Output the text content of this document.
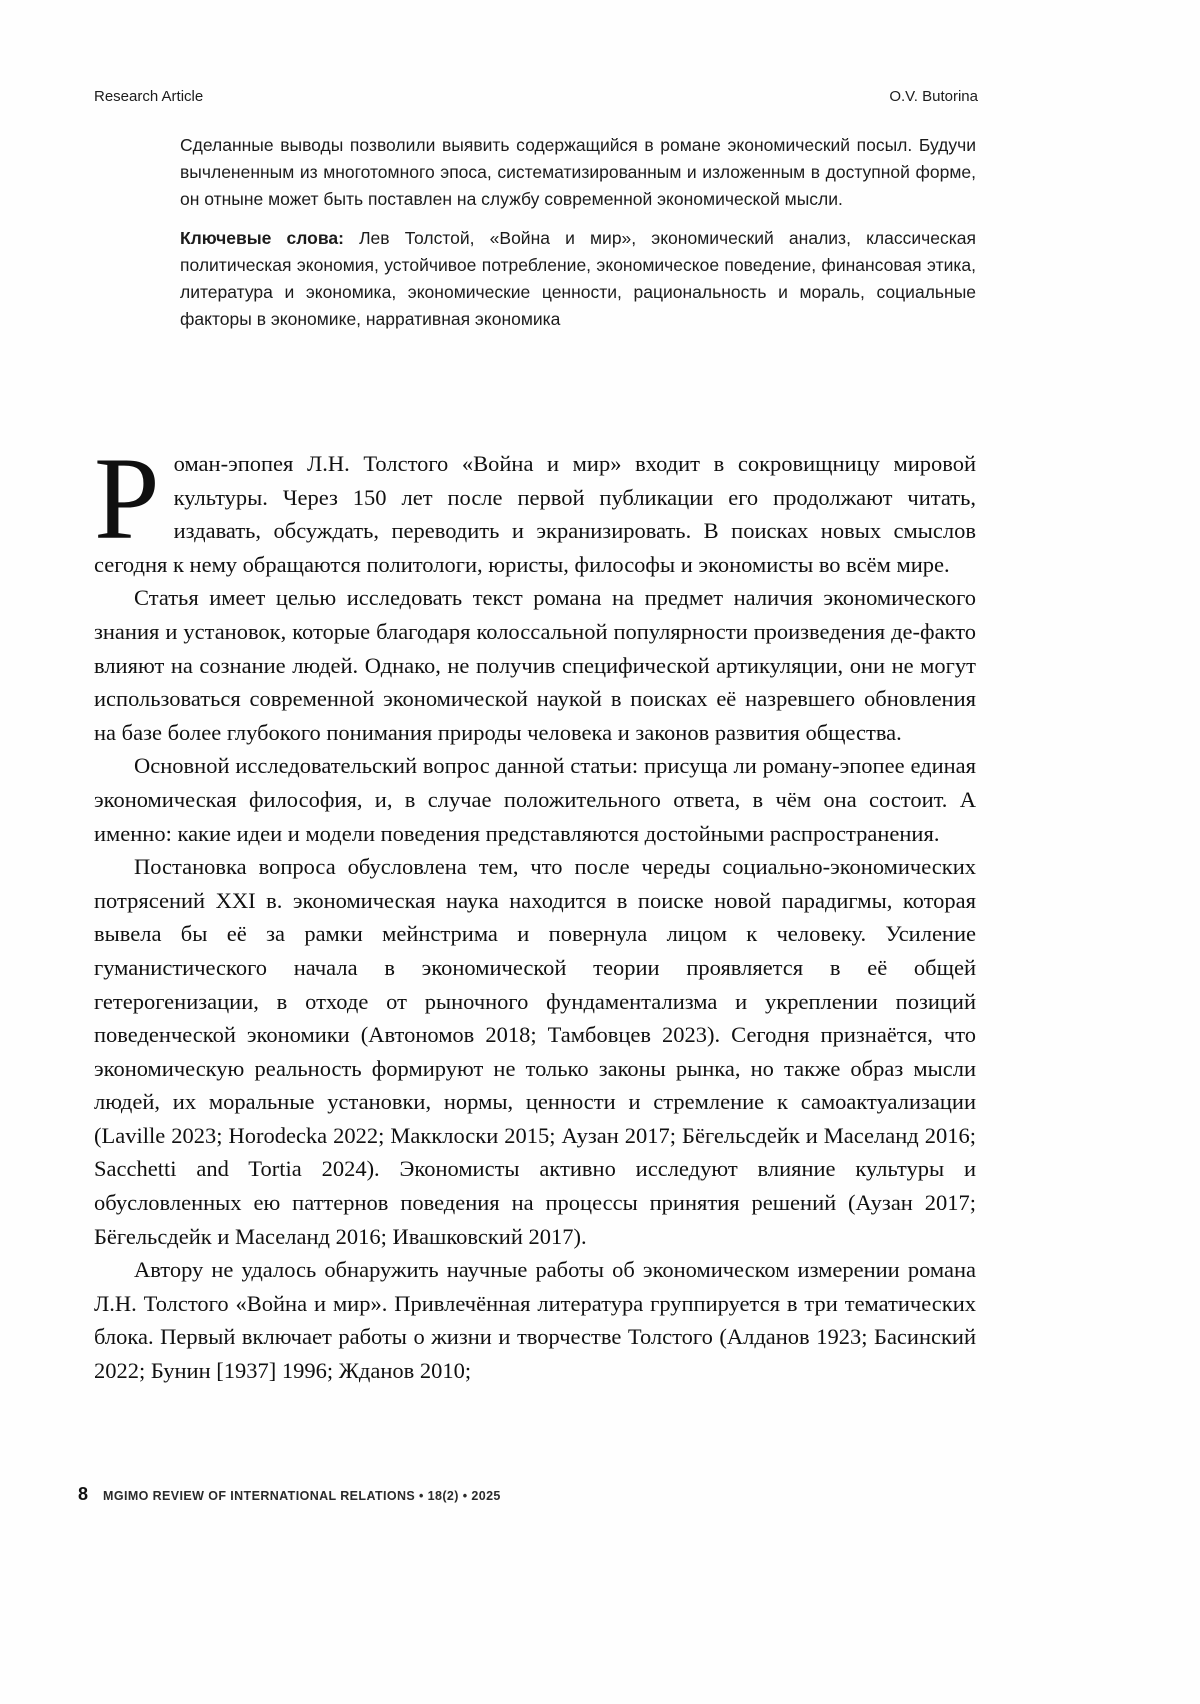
Research Article	O.V. Butorina

Сделанные выводы позволили выявить содержащийся в романе экономический посыл. Будучи вычлененным из многотомного эпоса, систематизированным и изложенным в доступной форме, он отныне может быть поставлен на службу современной экономической мысли.

Ключевые слова: Лев Толстой, «Война и мир», экономический анализ, классическая политическая экономия, устойчивое потребление, экономическое поведение, финансовая этика, литература и экономика, экономические ценности, рациональность и мораль, социальные факторы в экономике, нарративная экономика

Роман-эпопея Л.Н. Толстого «Война и мир» входит в сокровищницу мировой культуры. Через 150 лет после первой публикации его продолжают читать, издавать, обсуждать, переводить и экранизировать. В поисках новых смыслов сегодня к нему обращаются политологи, юристы, философы и экономисты во всём мире.

Статья имеет целью исследовать текст романа на предмет наличия экономического знания и установок, которые благодаря колоссальной популярности произведения де-факто влияют на сознание людей. Однако, не получив специфической артикуляции, они не могут использоваться современной экономической наукой в поисках её назревшего обновления на базе более глубокого понимания природы человека и законов развития общества.

Основной исследовательский вопрос данной статьи: присуща ли роману-эпопее единая экономическая философия, и, в случае положительного ответа, в чём она состоит. А именно: какие идеи и модели поведения представляются достойными распространения.

Постановка вопроса обусловлена тем, что после череды социально-экономических потрясений XXI в. экономическая наука находится в поиске новой парадигмы, которая вывела бы её за рамки мейнстрима и повернула лицом к человеку. Усиление гуманистического начала в экономической теории проявляется в её общей гетерогенизации, в отходе от рыночного фундаментализма и укреплении позиций поведенческой экономики (Автономов 2018; Тамбовцев 2023). Сегодня признаётся, что экономическую реальность формируют не только законы рынка, но также образ мысли людей, их моральные установки, нормы, ценности и стремление к самоактуализации (Laville 2023; Horodecka 2022; Макклоски 2015; Аузан 2017; Бёгельсдейк и Маселанд 2016; Sacchetti and Tortia 2024). Экономисты активно исследуют влияние культуры и обусловленных ею паттернов поведения на процессы принятия решений (Аузан 2017; Бёгельсдейк и Маселанд 2016; Ивашковский 2017).

Автору не удалось обнаружить научные работы об экономическом измерении романа Л.Н. Толстого «Война и мир». Привлечённая литература группируется в три тематических блока. Первый включает работы о жизни и творчестве Толстого (Алданов 1923; Басинский 2022; Бунин [1937] 1996; Жданов 2010;

8 MGIMO REVIEW OF INTERNATIONAL RELATIONS • 18(2) • 2025
